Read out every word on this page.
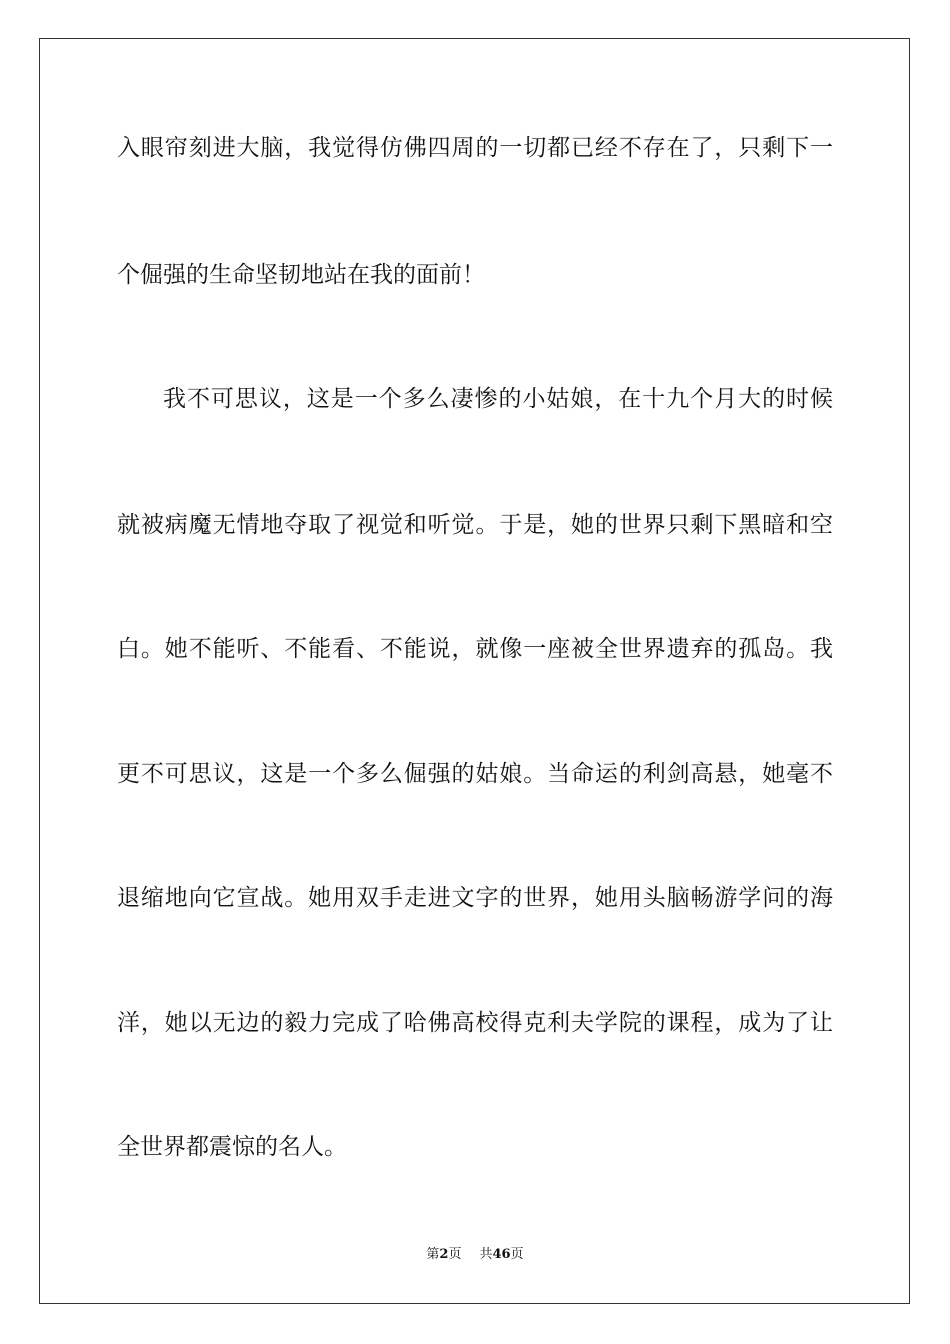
入眼帘刻进大脑，我觉得仿佛四周的一切都已经不存在了，只剩下一
个倔强的生命坚韧地站在我的面前！
我不可思议，这是一个多么凄惨的小姑娘，在十九个月大的时候
就被病魔无情地夺取了视觉和听觉。于是，她的世界只剩下黑暗和空
白。她不能听、不能看、不能说，就像一座被全世界遗弃的孤岛。我
更不可思议，这是一个多么倔强的姑娘。当命运的利剑高悬，她毫不
退缩地向它宣战。她用双手走进文字的世界，她用头脑畅游学问的海
洋，她以无边的毅力完成了哈佛高校得克利夫学院的课程，成为了让
全世界都震惊的名人。
第2页 共46页
